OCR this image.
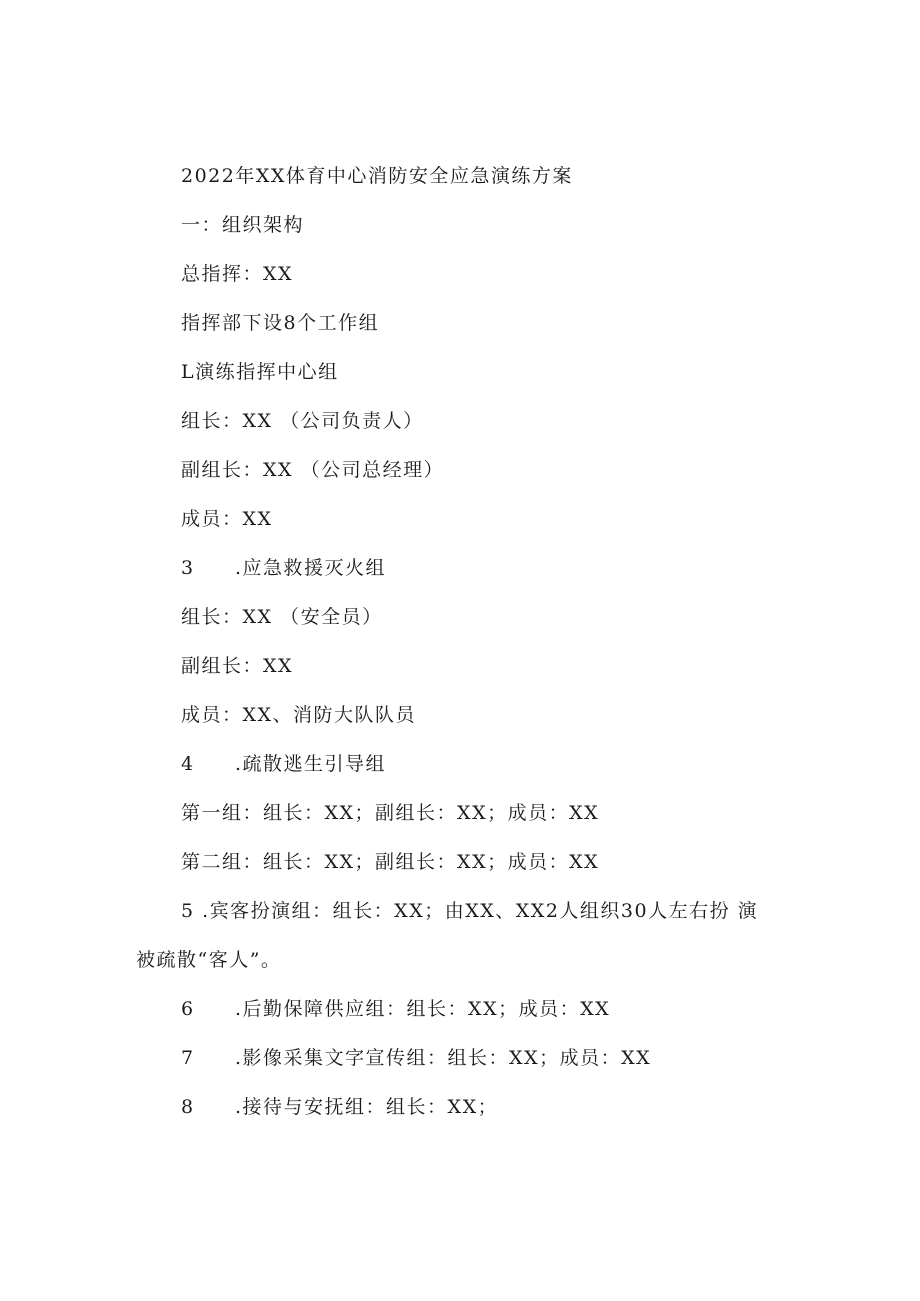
2022年XX体育中心消防安全应急演练方案
一：组织架构
总指挥：XX
指挥部下设8个工作组
L演练指挥中心组
组长：XX （公司负责人）
副组长：XX （公司总经理）
成员：XX
3 .应急救援灭火组
组长：XX （安全员）
副组长：XX
成员：XX、消防大队队员
4 .疏散逃生引导组
第一组：组长：XX；副组长：XX；成员：XX
第二组：组长：XX；副组长：XX；成员：XX
5 .宾客扮演组：组长：XX；由XX、XX2人组织30人左右扮 演
被疏散“客人”。
6 .后勤保障供应组：组长：XX；成员：XX
7 .影像采集文字宣传组：组长：XX；成员：XX
8 .接待与安抚组：组长：XX；
